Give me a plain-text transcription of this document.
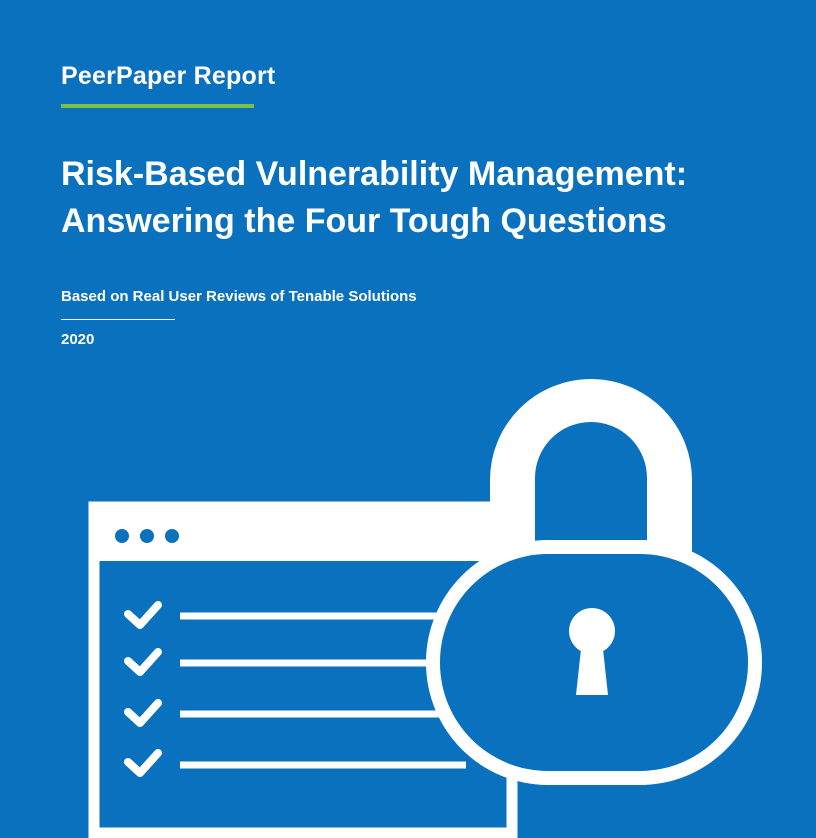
PeerPaper Report
Risk-Based Vulnerability Management:
Answering the Four Tough Questions
Based on Real User Reviews of Tenable Solutions
2020
